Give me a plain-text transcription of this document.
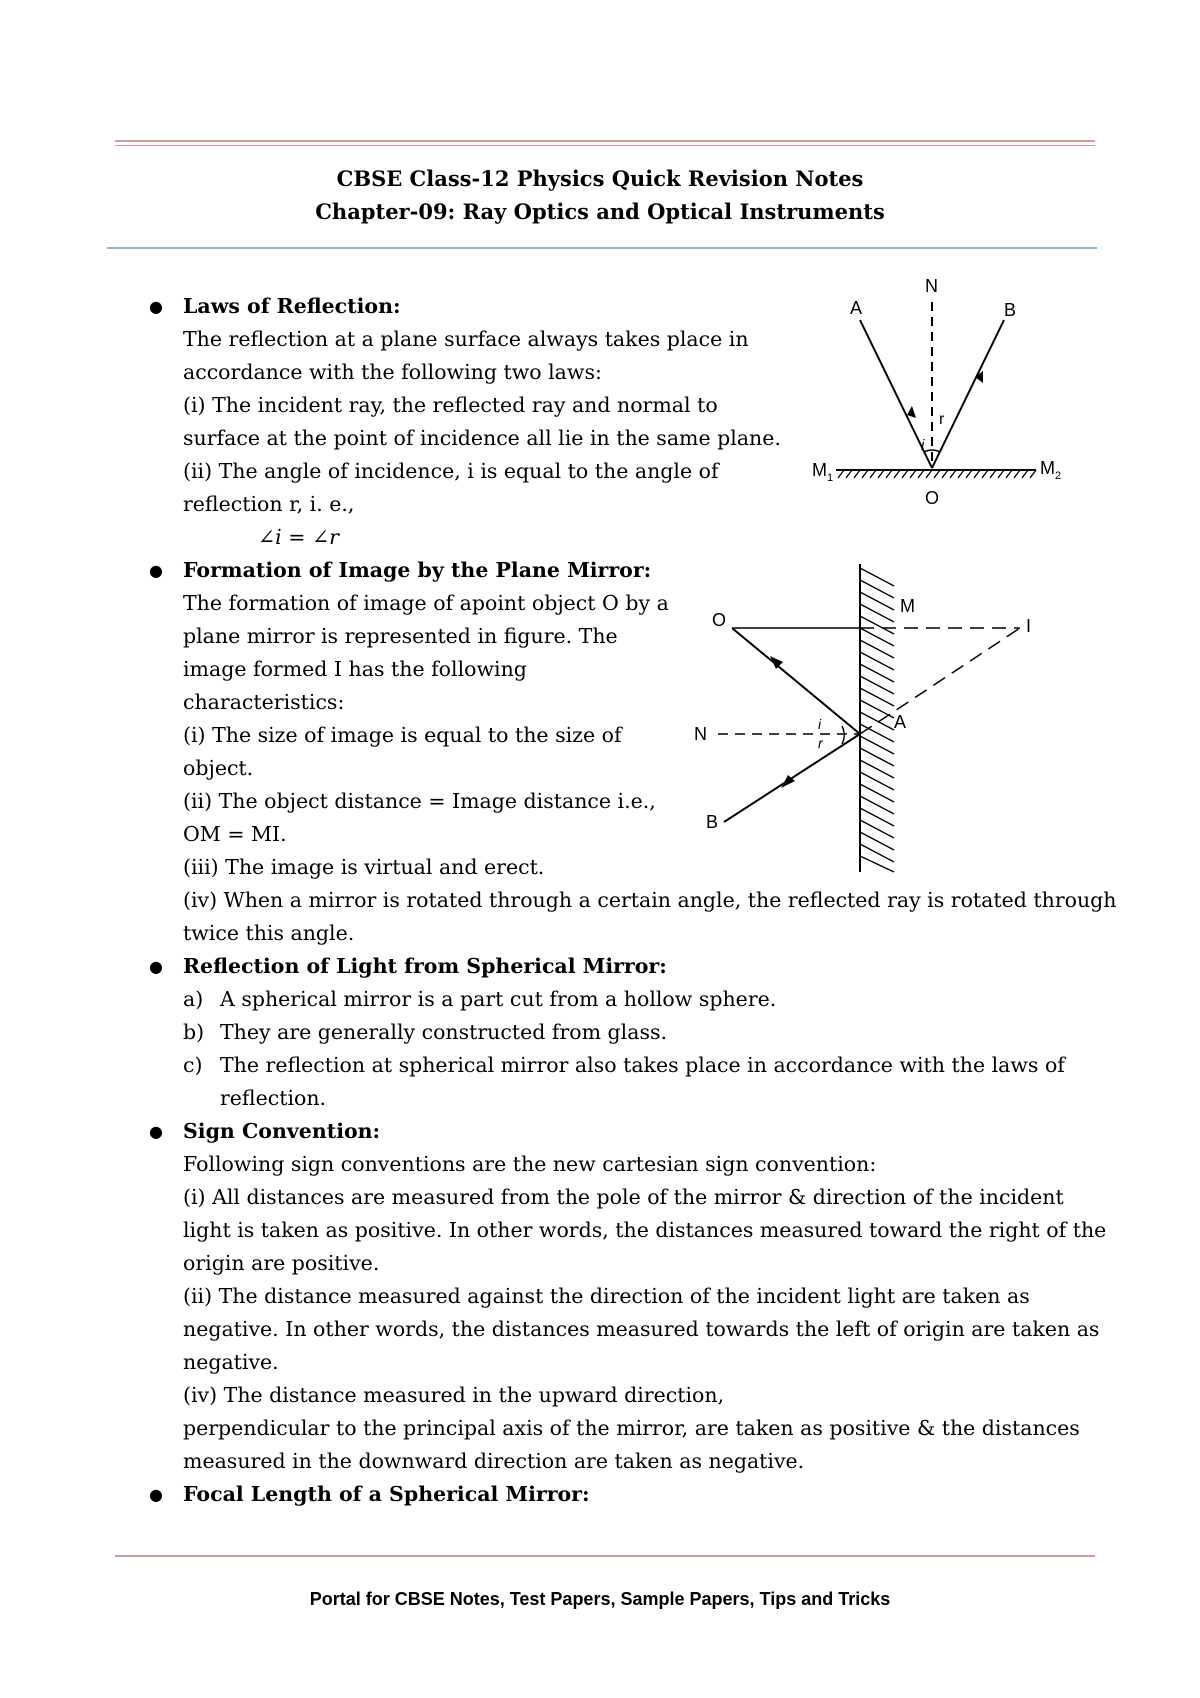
CBSE Class-12 Physics Quick Revision Notes
Chapter-09: Ray Optics and Optical Instruments
A	B
N
i
r
O
$M_1$	$M_2$
O
M
I
N
A
B
i
r
● Laws of Reflection:
The reflection at a plane surface always takes place in
accordance with the following two laws:
(i) The incident ray, the reflected ray and normal to
surface at the point of incidence all lie in the same plane.
(ii) The angle of incidence, i is equal to the angle of
reflection r, i. e.,
∠i = ∠r
● Formation of Image by the Plane Mirror:
The formation of image of apoint object O by a
plane mirror is represented in figure. The
image formed I has the following
characteristics:
(i) The size of image is equal to the size of
object.
(ii) The object distance = Image distance i.e.,
OM = MI.
(iii) The image is virtual and erect.
(iv) When a mirror is rotated through a certain angle, the reflected ray is rotated through
twice this angle.
● Reflection of Light from Spherical Mirror:
a) A spherical mirror is a part cut from a hollow sphere.
b) They are generally constructed from glass.
c) The reflection at spherical mirror also takes place in accordance with the laws of
reflection.
● Sign Convention:
Following sign conventions are the new cartesian sign convention:
(i) All distances are measured from the pole of the mirror & direction of the incident
light is taken as positive. In other words, the distances measured toward the right of the
origin are positive.
(ii) The distance measured against the direction of the incident light are taken as
negative. In other words, the distances measured towards the left of origin are taken as
negative.
(iv) The distance measured in the upward direction,
perpendicular to the principal axis of the mirror, are taken as positive & the distances
measured in the downward direction are taken as negative.
● Focal Length of a Spherical Mirror:
Portal for CBSE Notes, Test Papers, Sample Papers, Tips and Tricks
